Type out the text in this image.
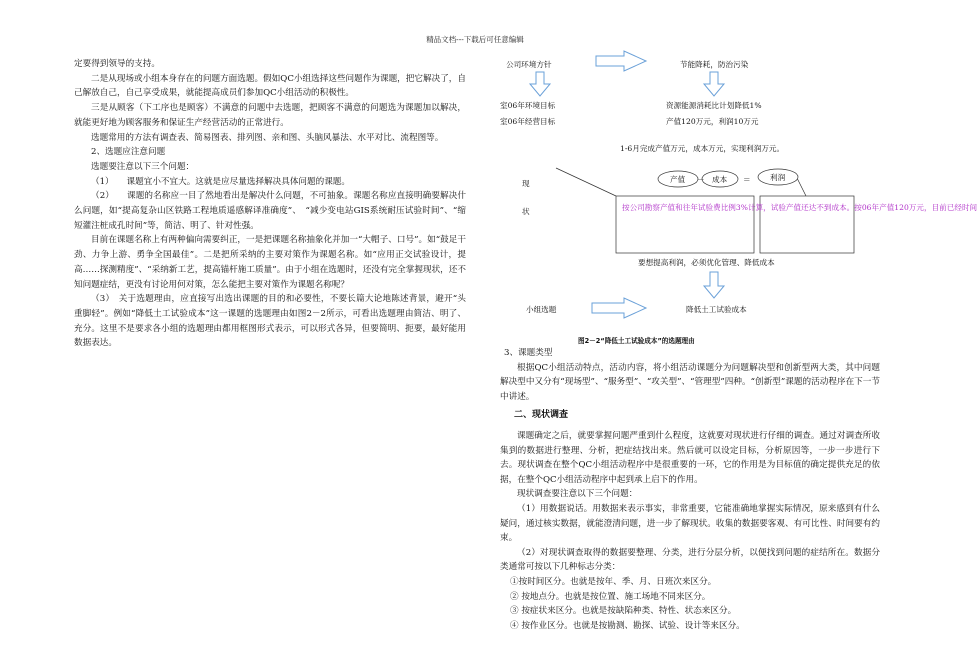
精品文档---下载后可任意编辑

定要得到领导的支持。

二是从现场或小组本身存在的问题方面选题。假如QC小组选择这些问题作为课题，把它解决了，自己解放自己，自己享受成果，就能提高成员们参加QC小组活动的积极性。

三是从顾客（下工序也是顾客）不满意的问题中去选题，把顾客不满意的问题选为课题加以解决，就能更好地为顾客服务和保证生产经营活动的正常进行。

选题常用的方法有调查表、简易图表、排列图、亲和图、头脑风暴法、水平对比、流程图等。

2、选题应注意问题

选题要注意以下三个问题：

（1）　　课题宜小不宜大。这就是应尽量选择解决具体问题的课题。

（2）　　课题的名称应一目了然地看出是解决什么问题，不可抽象。课题名称应直接明确要解决什么问题，如“提高复杂山区铁路工程地质遥感解译准确度”、　“减少变电站GIS系统耐压试验时间”、“缩短灌注桩成孔时间”等，简洁、明了、针对性强。

目前在课题名称上有两种偏向需要纠正，一是把课题名称抽象化并加一“大帽子、口号”。如“鼓足干劲、力争上游、勇争全国最佳”。二是把所采纳的主要对策作为课题名称。如“应用正交试验设计，提高……探测精度”、“采纳新工艺，提高锚杆施工质量”。由于小组在选题时，还没有完全掌握现状，还不知问题症结，更没有讨论用何对策，怎么能把主要对策作为课题名称呢？

（3）　关于选题理由，应直接写出选出课题的目的和必要性，不要长篇大论地陈述背景，避开“头重脚轻”。例如“降低土工试验成本”这一课题的选题理由如图2－2所示，可看出选题理由简洁、明了、充分。这里不是要求各小组的选题理由都用框图形式表示，可以形式各异，但要简明、扼要，最好能用数据表达。

公司环境方针	节能降耗，防治污染
室06年环境目标
室06年经营目标
资源能源消耗比计划降低1%
产值120万元，利润10万元
1-6月完成产值万元，成本万元，实现利润万元。
现
状
产值 － 成本 ＝	利润
按公司勘察产值和往年试验费比例3%计算，试验产值还达不到成本。按06年产值120万元，目前已经时间
要想提高利润，必须优化管理、降低成本
小组选题	降低土工试验成本
图2－2“降低土工试验成本”的选题理由

3、课题类型

根据QC小组活动特点，活动内容，将小组活动课题分为问题解决型和创新型两大类，其中问题解决型中又分有“现场型”、“服务型”、“攻关型”、“管理型”四种。“创新型”课题的活动程序在下一节中讲述。

二、现状调查

课题确定之后，就要掌握问题严重到什么程度，这就要对现状进行仔细的调查。通过对调查所收集到的数据进行整理、分析，把症结找出来。然后就可以设定目标，分析原因等，一步一步进行下去。现状调查在整个QC小组活动程序中是很重要的一环，它的作用是为目标值的确定提供充足的依据，在整个QC小组活动程序中起到承上启下的作用。

现状调查要注意以下三个问题：

（1）用数据说话。用数据来表示事实，非常重要，它能准确地掌握实际情况，原来感到有什么疑问，通过核实数据，就能澄清问题，进一步了解现状。收集的数据要客观、有可比性、时间要有约束。

（2）对现状调查取得的数据要整理、分类，进行分层分析，以便找到问题的症结所在。数据分类通常可按以下几种标志分类：

①按时间区分。也就是按年、季、月、日班次来区分。

② 按地点分。也就是按位置、施工场地不同来区分。

③ 按症状来区分。也就是按缺陷种类、特性、状态来区分。

④ 按作业区分。也就是按勘测、勘探、试验、设计等来区分。
